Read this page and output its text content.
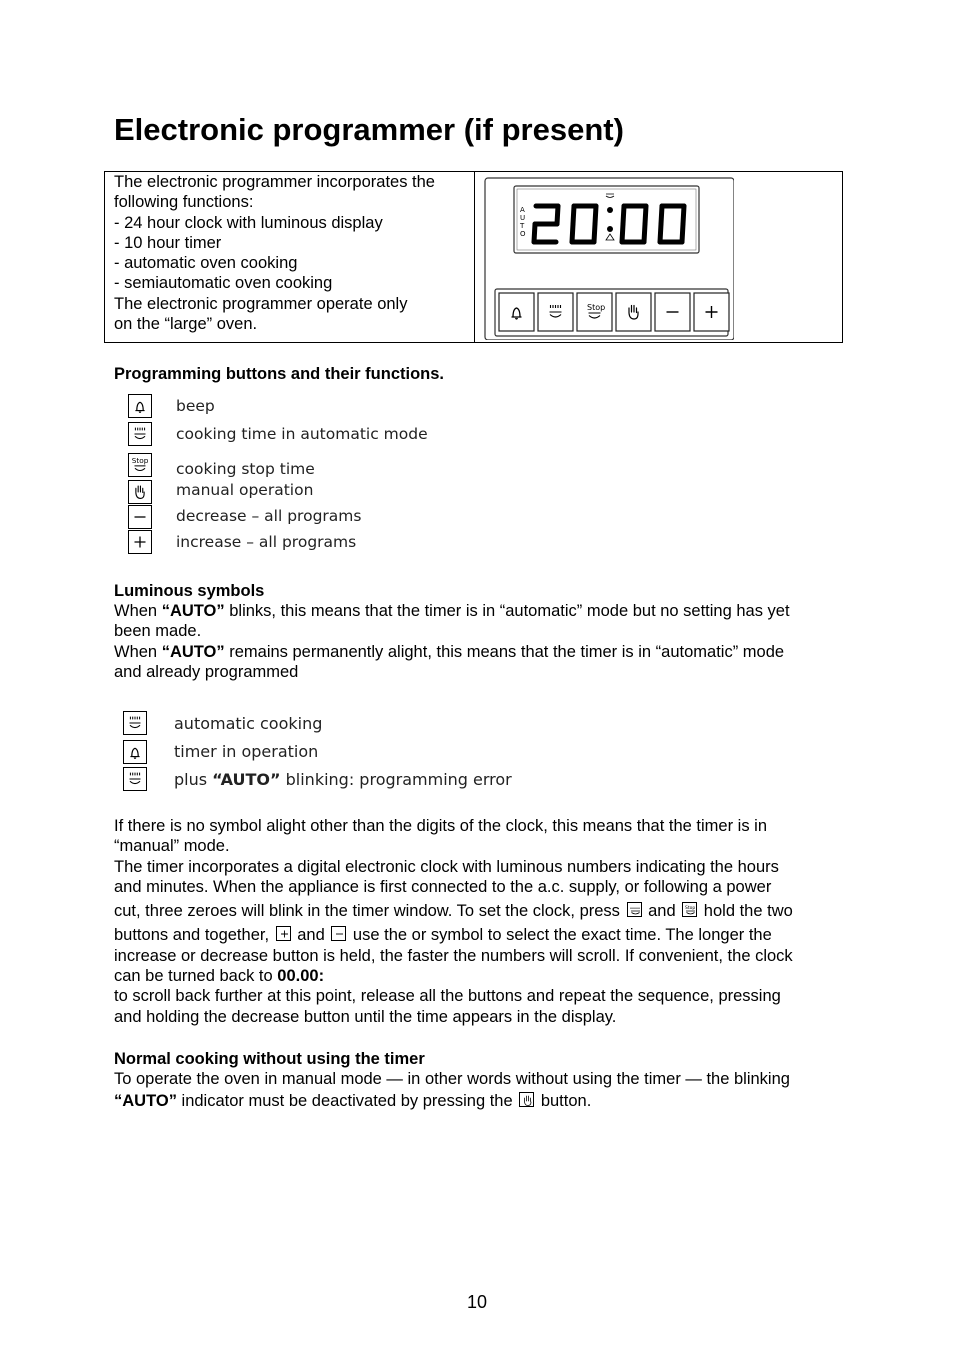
Electronic programmer (if present)
The electronic programmer incorporates the
following functions:
- 24 hour clock with luminous display
- 10 hour timer
- automatic oven cooking
- semiautomatic oven cooking
The electronic programmer operate only
on the “large” oven.
Stop
A
U
T
O
Programming buttons and their functions.
beep
cooking time in automatic mode
Stop cooking stop time
manual operation
decrease – all programs
increase – all programs
Luminous symbols
When “AUTO” blinks, this means that the timer is in “automatic” mode but no setting has yet
been made.
When “AUTO” remains permanently alight, this means that the timer is in “automatic” mode
and already programmed
automatic cooking
timer in operation
plus “AUTO” blinking: programming error
If there is no symbol alight other than the digits of the clock, this means that the timer is in
“manual” mode.
The timer incorporates a digital electronic clock with luminous numbers indicating the hours
and minutes. When the appliance is first connected to the a.c. supply, or following a power
cut, three zeroes will blink in the timer window. To set the clock, press
and Stop hold the two
buttons and together,
and
use the or symbol to select the exact time. The longer the
increase or decrease button is held, the faster the numbers will scroll. If convenient, the clock
can be turned back to 00.00:
to scroll back further at this point, release all the buttons and repeat the sequence, pressing
and holding the decrease button until the time appears in the display.
Normal cooking without using the timer
To operate the oven in manual mode — in other words without using the timer — the blinking
“AUTO” indicator must be deactivated by pressing the
button.
10
